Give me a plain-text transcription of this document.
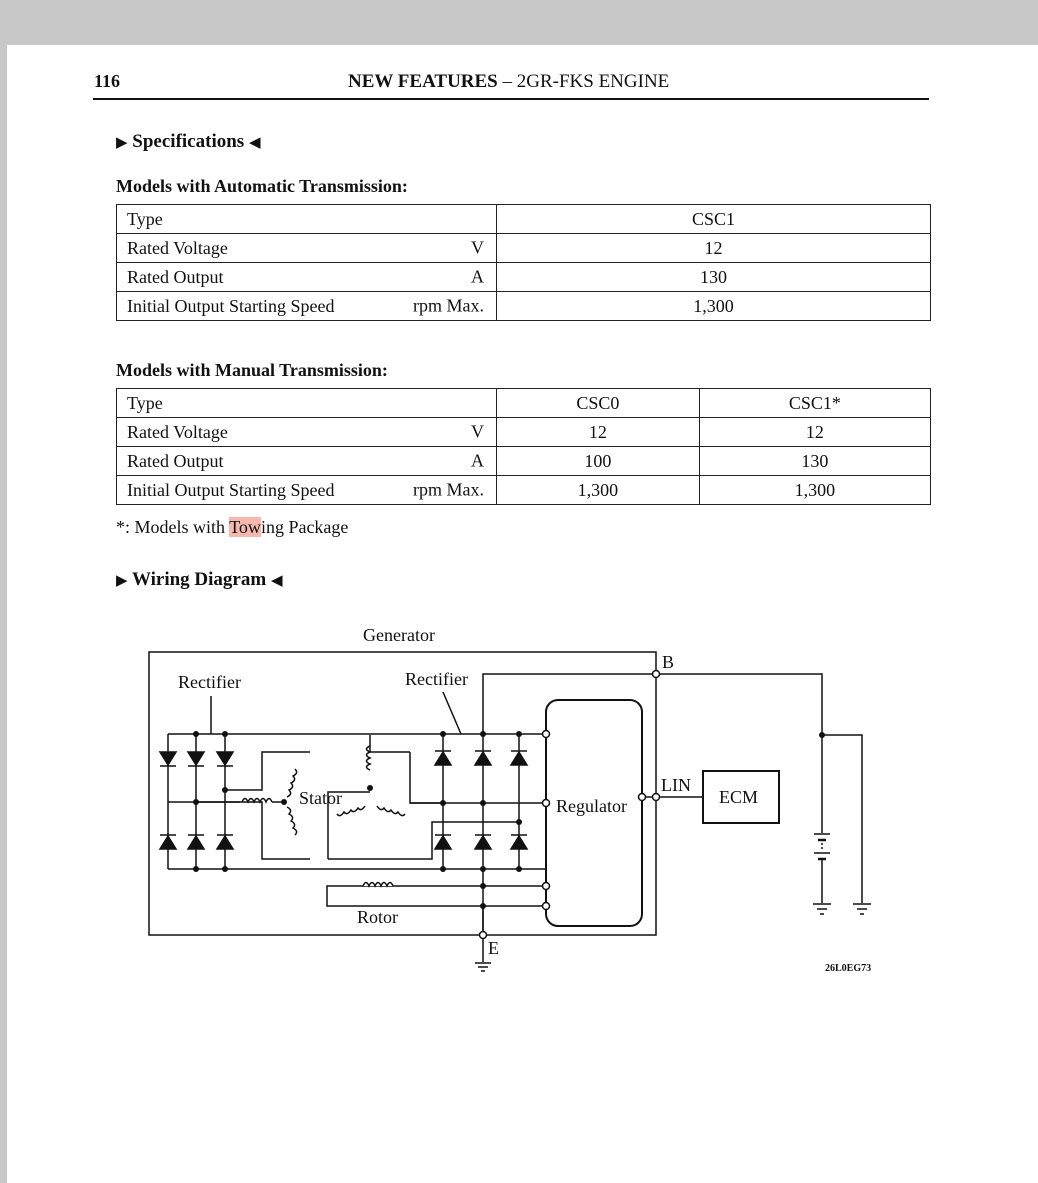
116	NEW FEATURES – 2GR-FKS ENGINE
▶ Specifications ◀
Models with Automatic Transmission:
Type	CSC1
Rated Voltage V	12
Rated Output A	130
Initial Output Starting Speed rpm Max.	1,300
Models with Manual Transmission:
Type	CSC0	CSC1*
Rated Voltage V	12	12
Rated Output A	100	130
Initial Output Starting Speed rpm Max.	1,300	1,300
*: Models with Towing Package
▶ Wiring Diagram ◀
Generator
Rectifier	Rectifier
Stator
Rotor
Regulator	ECM
B
LIN
E
26L0EG73
